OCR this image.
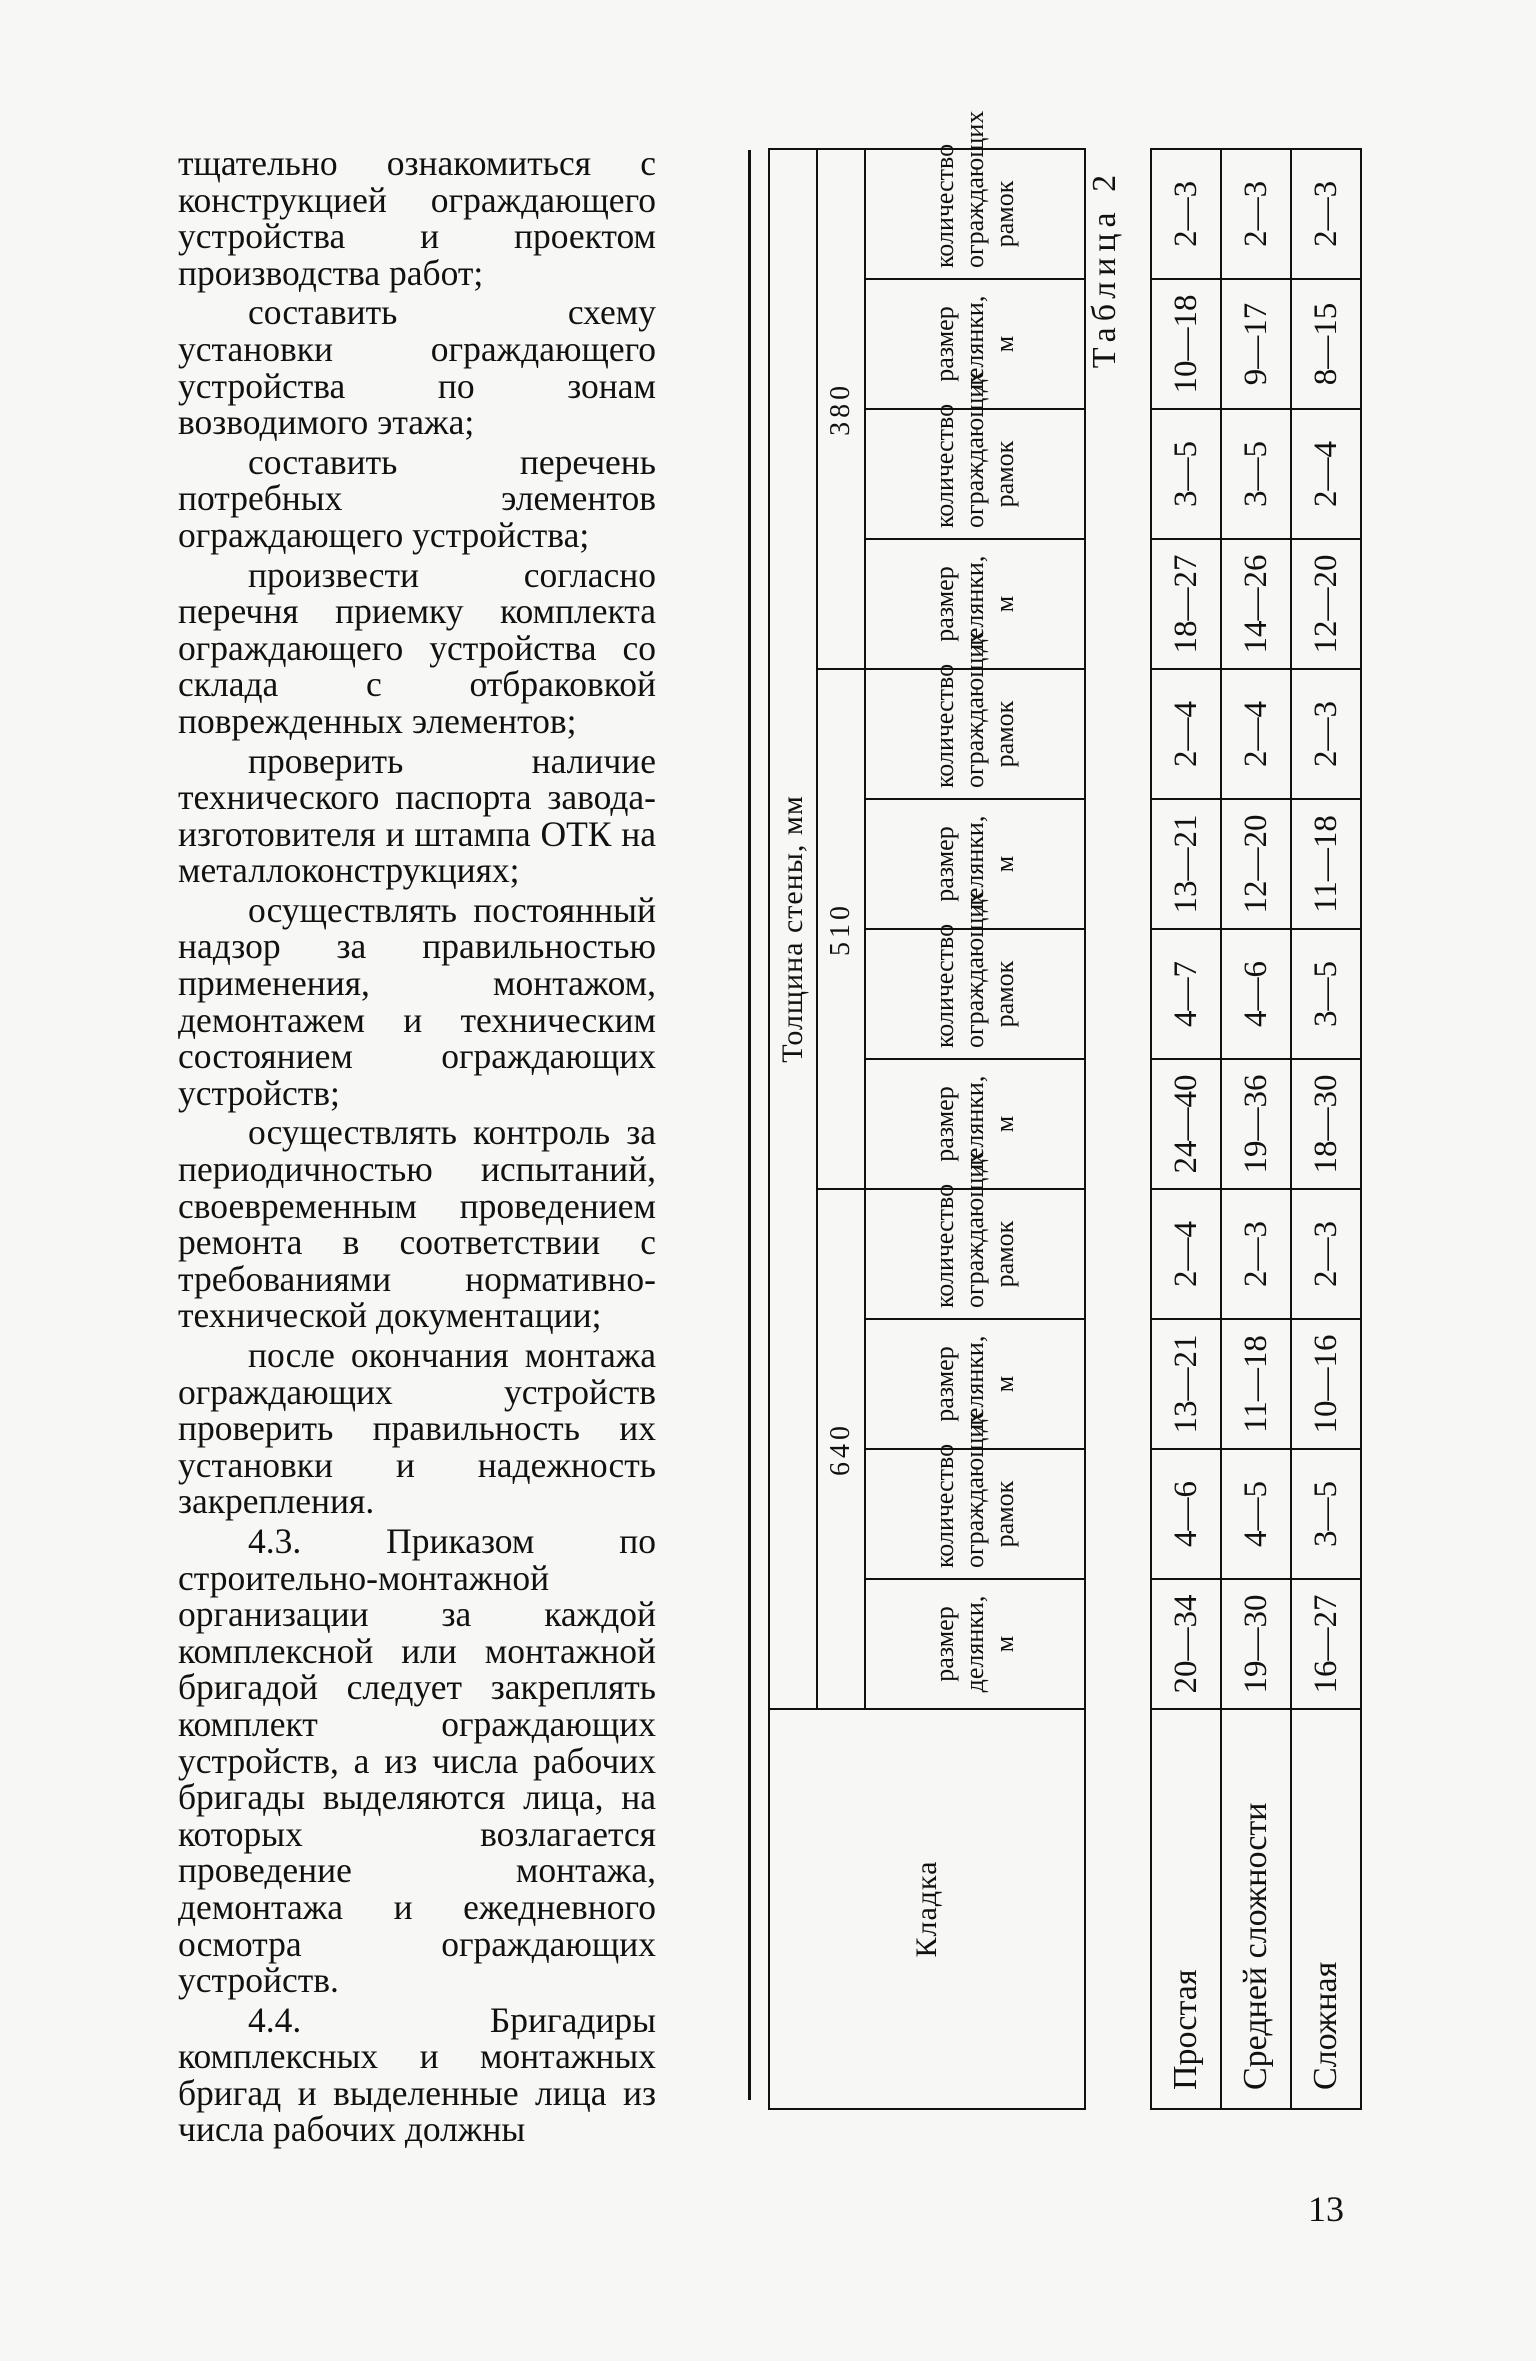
тщательно ознакомиться с конструкцией ограждающего устройства и проектом производства работ;

составить схему установки ограждающего устройства по зонам возводимого этажа;

составить перечень потребных элементов ограждающего устройства;

произвести согласно перечня приемку комплекта ограждающего устройства со склада с отбраковкой поврежденных элементов;

проверить наличие технического паспорта завода-изготовителя и штампа ОТК на металлоконструкциях;

осуществлять постоянный надзор за правильностью применения, монтажом, демонтажем и техническим состоянием ограждающих устройств;

осуществлять контроль за периодичностью испытаний, своевременным проведением ремонта в соответствии с требованиями нормативно-технической документации;

после окончания монтажа ограждающих устройств проверить правильность их установки и надежность закрепления.

4.3. Приказом по строительно-монтажной организации за каждой комплексной или монтажной бригадой следует закреплять комплект ограждающих устройств, а из числа рабочих бригады выделяются лица, на которых возлагается проведение монтажа, демонтажа и ежедневного осмотра ограждающих устройств.

4.4. Бригадиры комплексных и монтажных бригад и выделенные лица из числа рабочих должны

Таблица 2												
Кладка	Толщина стены, мм											
	640				510				380			
	размер делянки, м	количество ограждающих рамок	размер делянки, м	количество ограждающих рамок	размер делянки, м	количество ограждающих рамок	размер делянки, м	количество ограждающих рамок	размер делянки, м	количество ограждающих рамок	размер делянки, м	количество ограждающих рамок
Простая	20—34	4—6	13—21	2—4	24—40	4—7	13—21	2—4	18—27	3—5	10—18	2—3
Средней сложности	19—30	4—5	11—18	2—3	19—36	4—6	12—20	2—4	14—26	3—5	9—17	2—3
Сложная	16—27	3—5	10—16	2—3	18—30	3—5	11—18	2—3	12—20	2—4	8—15	2—3
13
